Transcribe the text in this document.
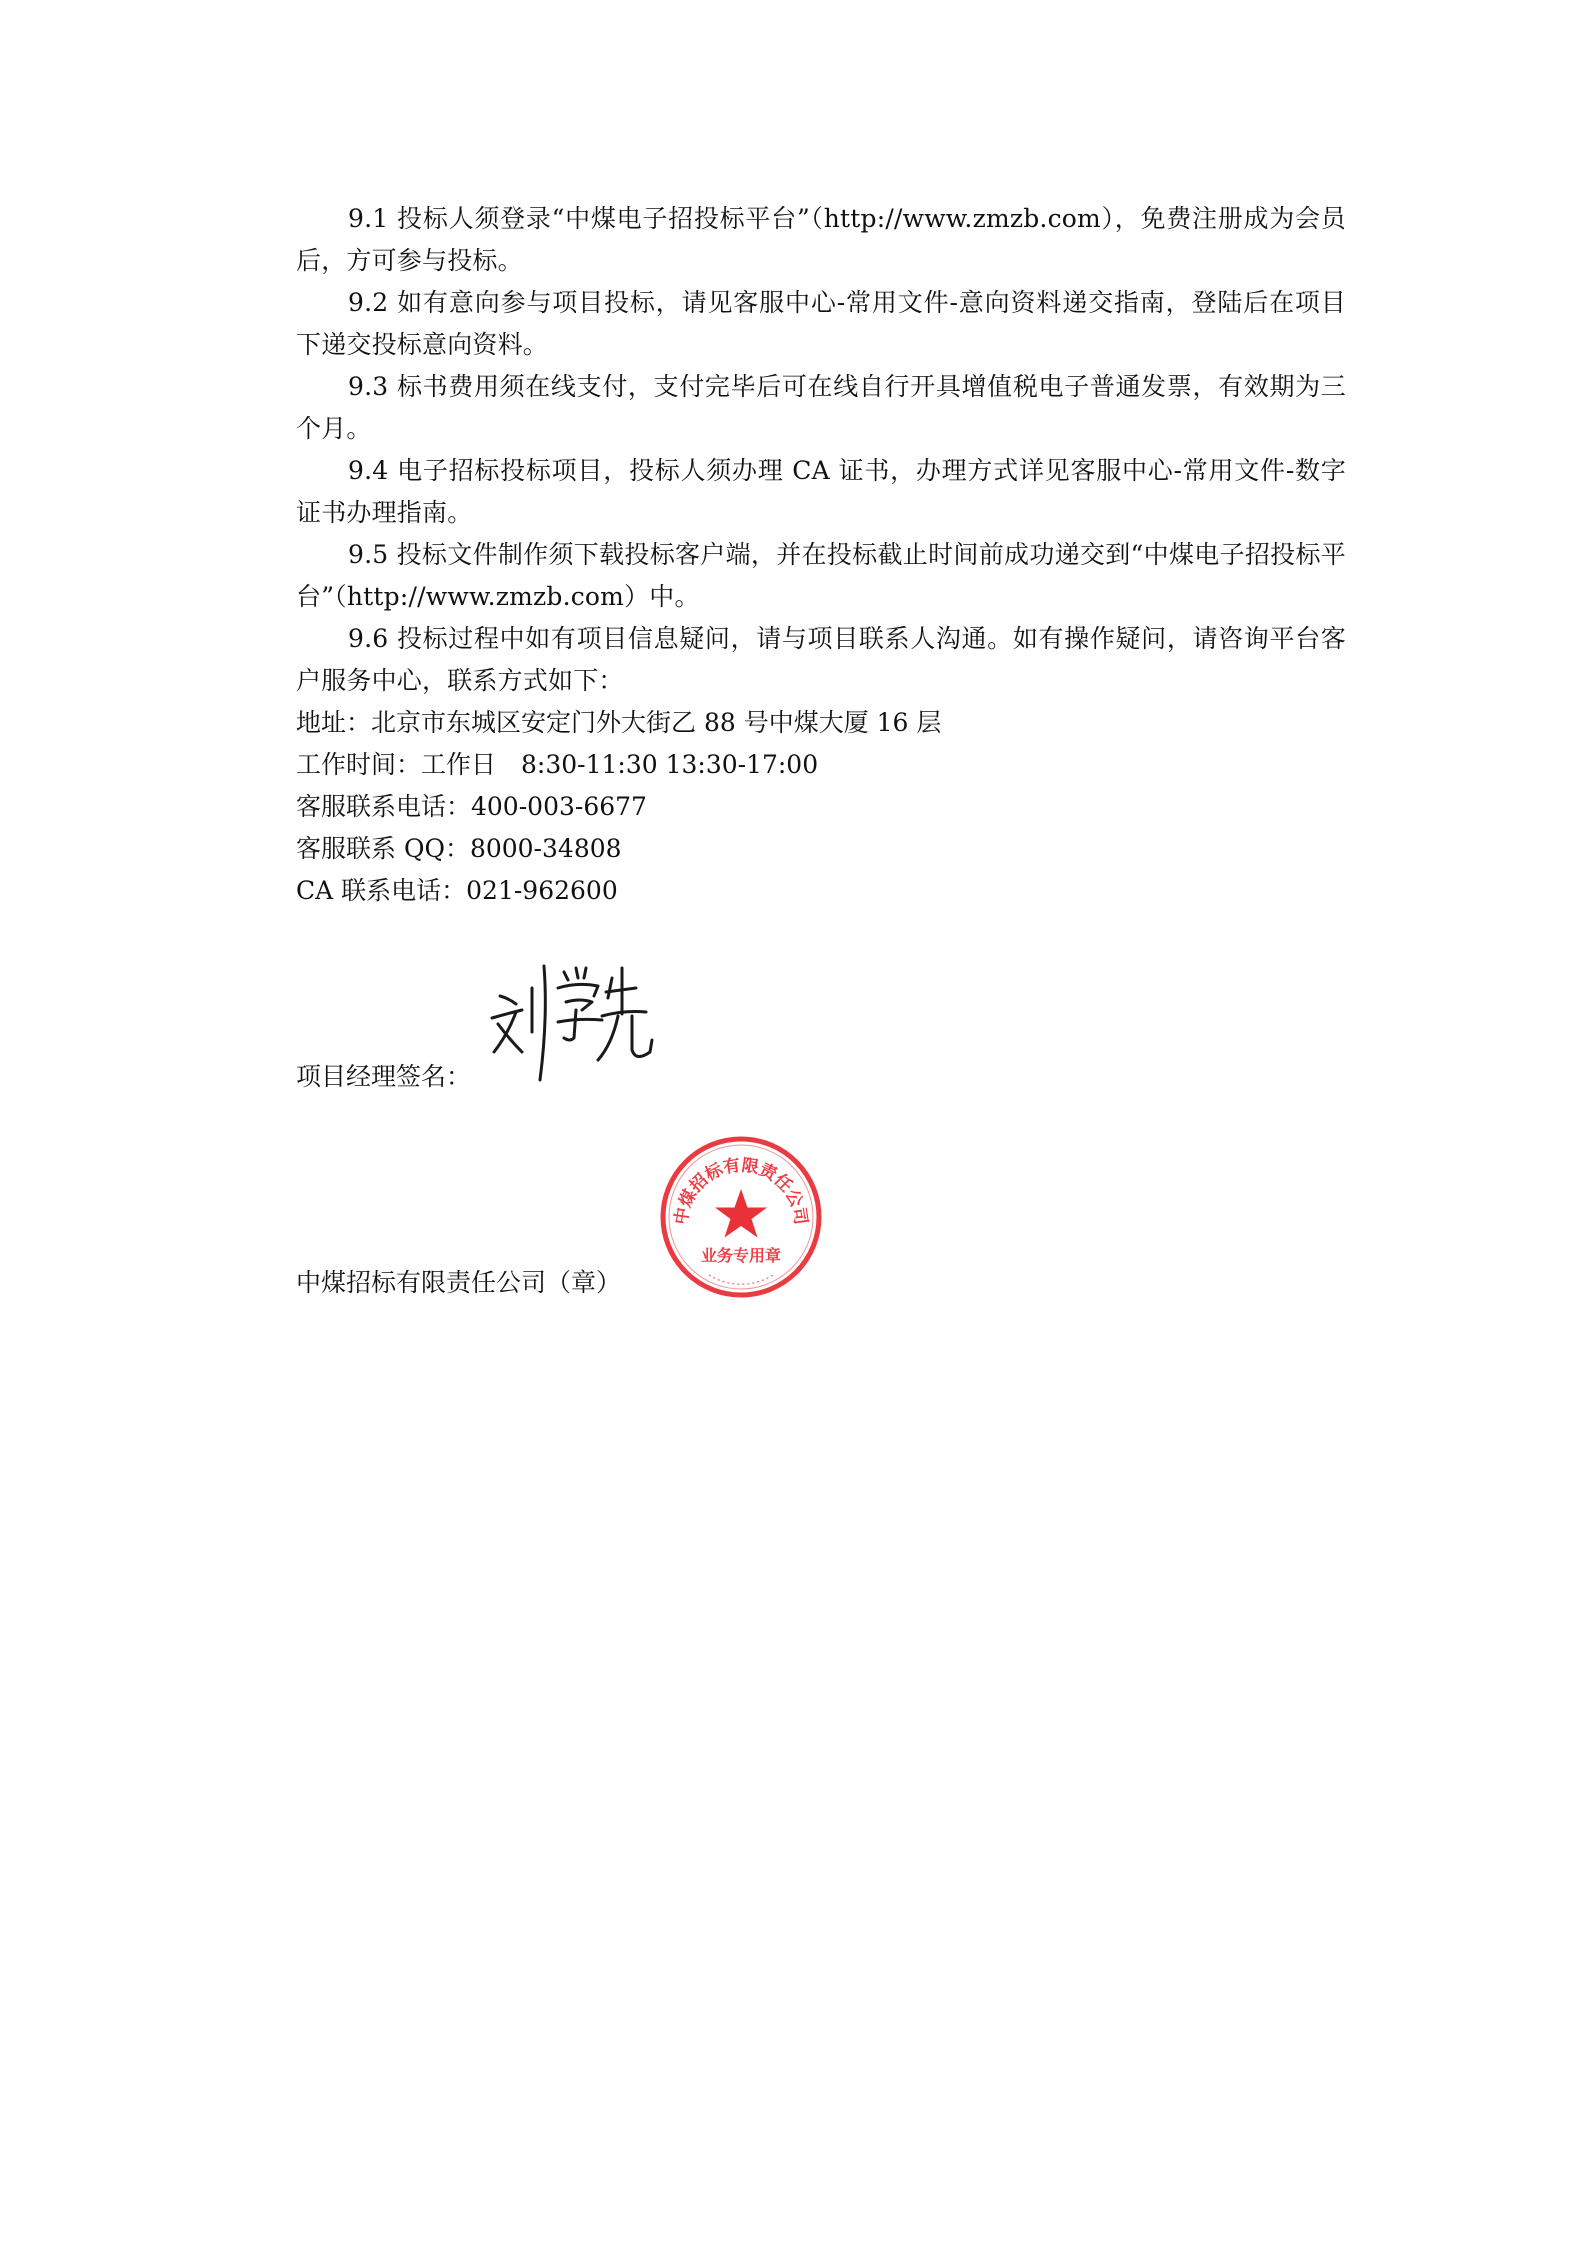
9.1 投标人须登录“中煤电子招投标平台”（http://www.zmzb.com），免费注册成为会员后，方可参与投标。

9.2 如有意向参与项目投标，请见客服中心-常用文件-意向资料递交指南，登陆后在项目下递交投标意向资料。

9.3 标书费用须在线支付，支付完毕后可在线自行开具增值税电子普通发票，有效期为三个月。

9.4 电子招标投标项目，投标人须办理 CA 证书，办理方式详见客服中心-常用文件-数字证书办理指南。

9.5 投标文件制作须下载投标客户端，并在投标截止时间前成功递交到“中煤电子招投标平台”（http://www.zmzb.com）中。

9.6 投标过程中如有项目信息疑问，请与项目联系人沟通。如有操作疑问，请咨询平台客户服务中心，联系方式如下：

地址：北京市东城区安定门外大街乙 88 号中煤大厦 16 层

工作时间：工作日　8:30-11:30 13:30-17:00

客服联系电话：400-003-6677

客服联系 QQ：8000-34808

CA 联系电话：021-962600

项目经理签名：
中煤招标有限责任公司（章）
中煤招标有限责任公司
业务专用章
